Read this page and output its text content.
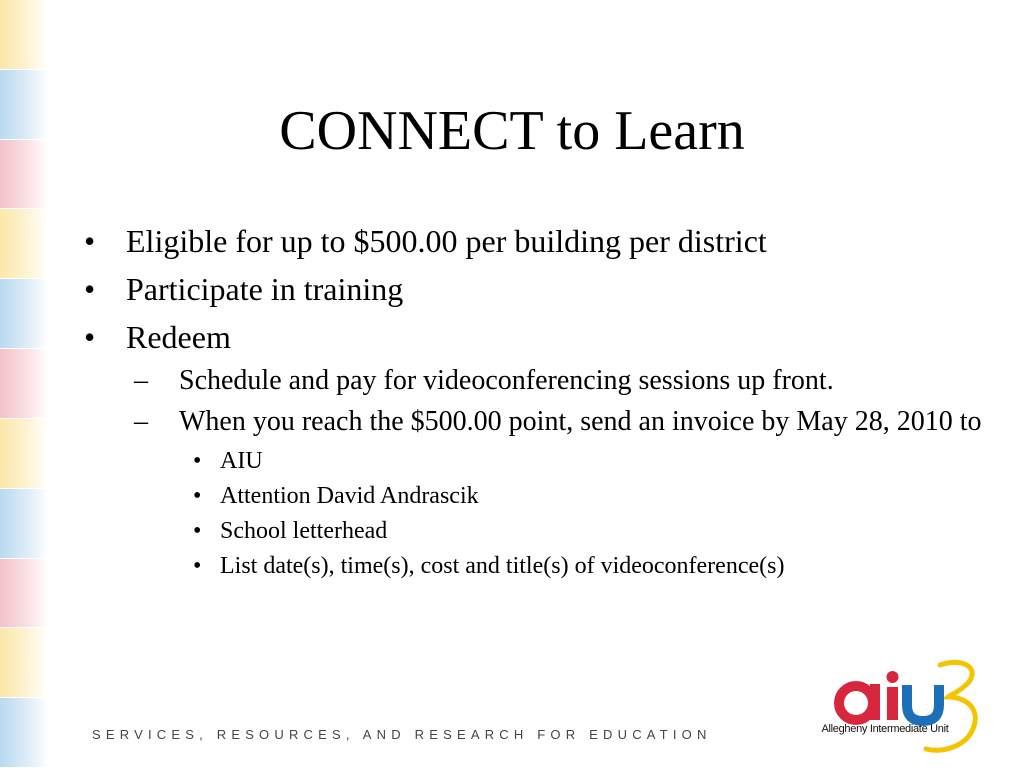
CONNECT to Learn
• Eligible for up to $500.00 per building per district
• Participate in training
• Redeem
– Schedule and pay for videoconferencing sessions up front.
– When you reach the $500.00 point, send an invoice by May 28, 2010 to
• AIU
• Attention David Andrascik
• School letterhead
• List date(s), time(s), cost and title(s) of videoconference(s)
SERVICES, RESOURCES, AND RESEARCH FOR EDUCATION	Allegheny Intermediate Unit
